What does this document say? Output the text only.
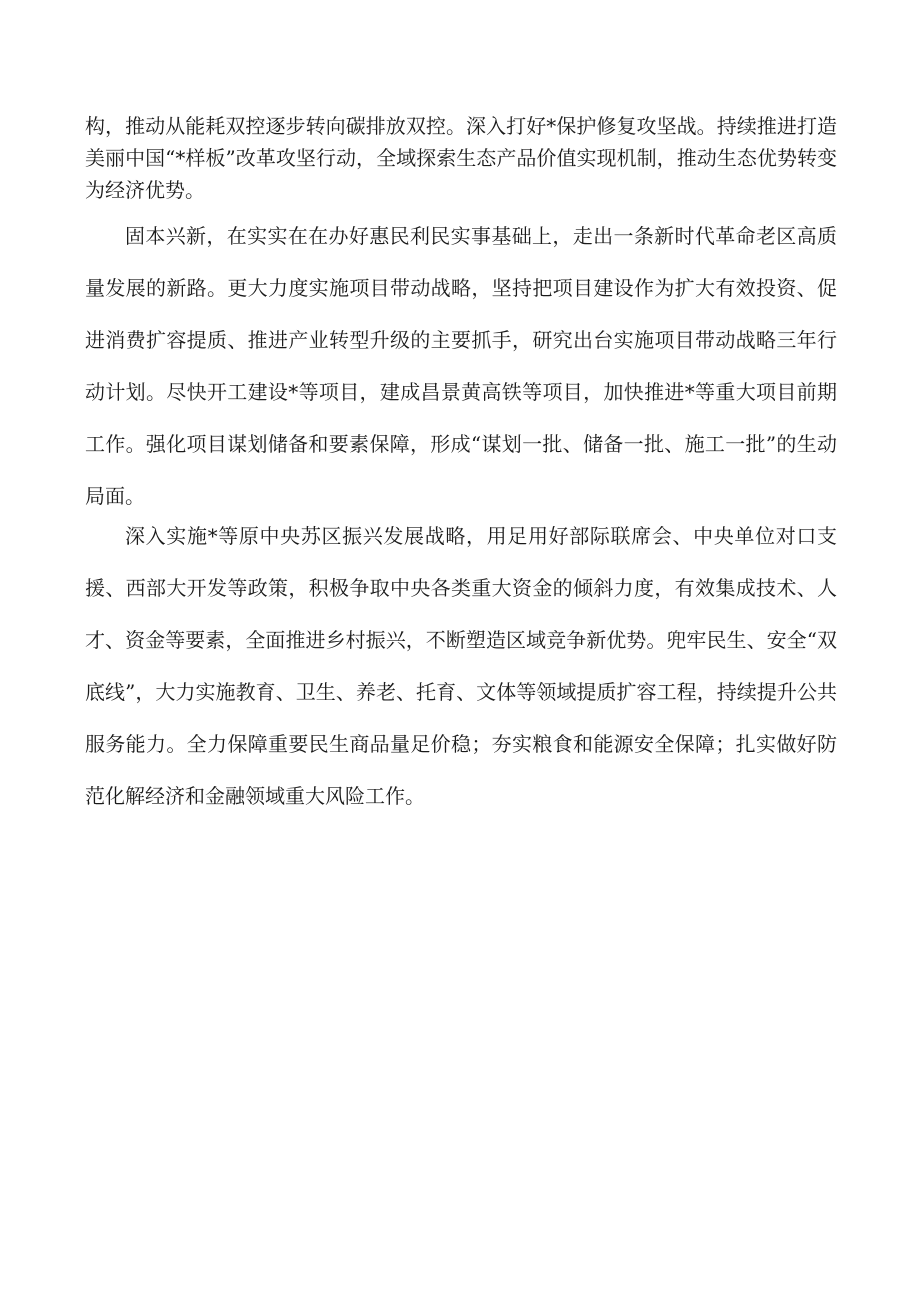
构，推动从能耗双控逐步转向碳排放双控。深入打好*保护修复攻坚战。持续推进打造美丽中国“*样板”改革攻坚行动，全域探索生态产品价值实现机制，推动生态优势转变为经济优势。

固本兴新，在实实在在办好惠民利民实事基础上，走出一条新时代革命老区高质量发展的新路。更大力度实施项目带动战略，坚持把项目建设作为扩大有效投资、促进消费扩容提质、推进产业转型升级的主要抓手，研究出台实施项目带动战略三年行动计划。尽快开工建设*等项目，建成昌景黄高铁等项目，加快推进*等重大项目前期工作。强化项目谋划储备和要素保障，形成“谋划一批、储备一批、施工一批”的生动局面。

深入实施*等原中央苏区振兴发展战略，用足用好部际联席会、中央单位对口支援、西部大开发等政策，积极争取中央各类重大资金的倾斜力度，有效集成技术、人才、资金等要素，全面推进乡村振兴，不断塑造区域竞争新优势。兜牢民生、安全“双底线”，大力实施教育、卫生、养老、托育、文体等领域提质扩容工程，持续提升公共服务能力。全力保障重要民生商品量足价稳；夯实粮食和能源安全保障；扎实做好防范化解经济和金融领域重大风险工作。
